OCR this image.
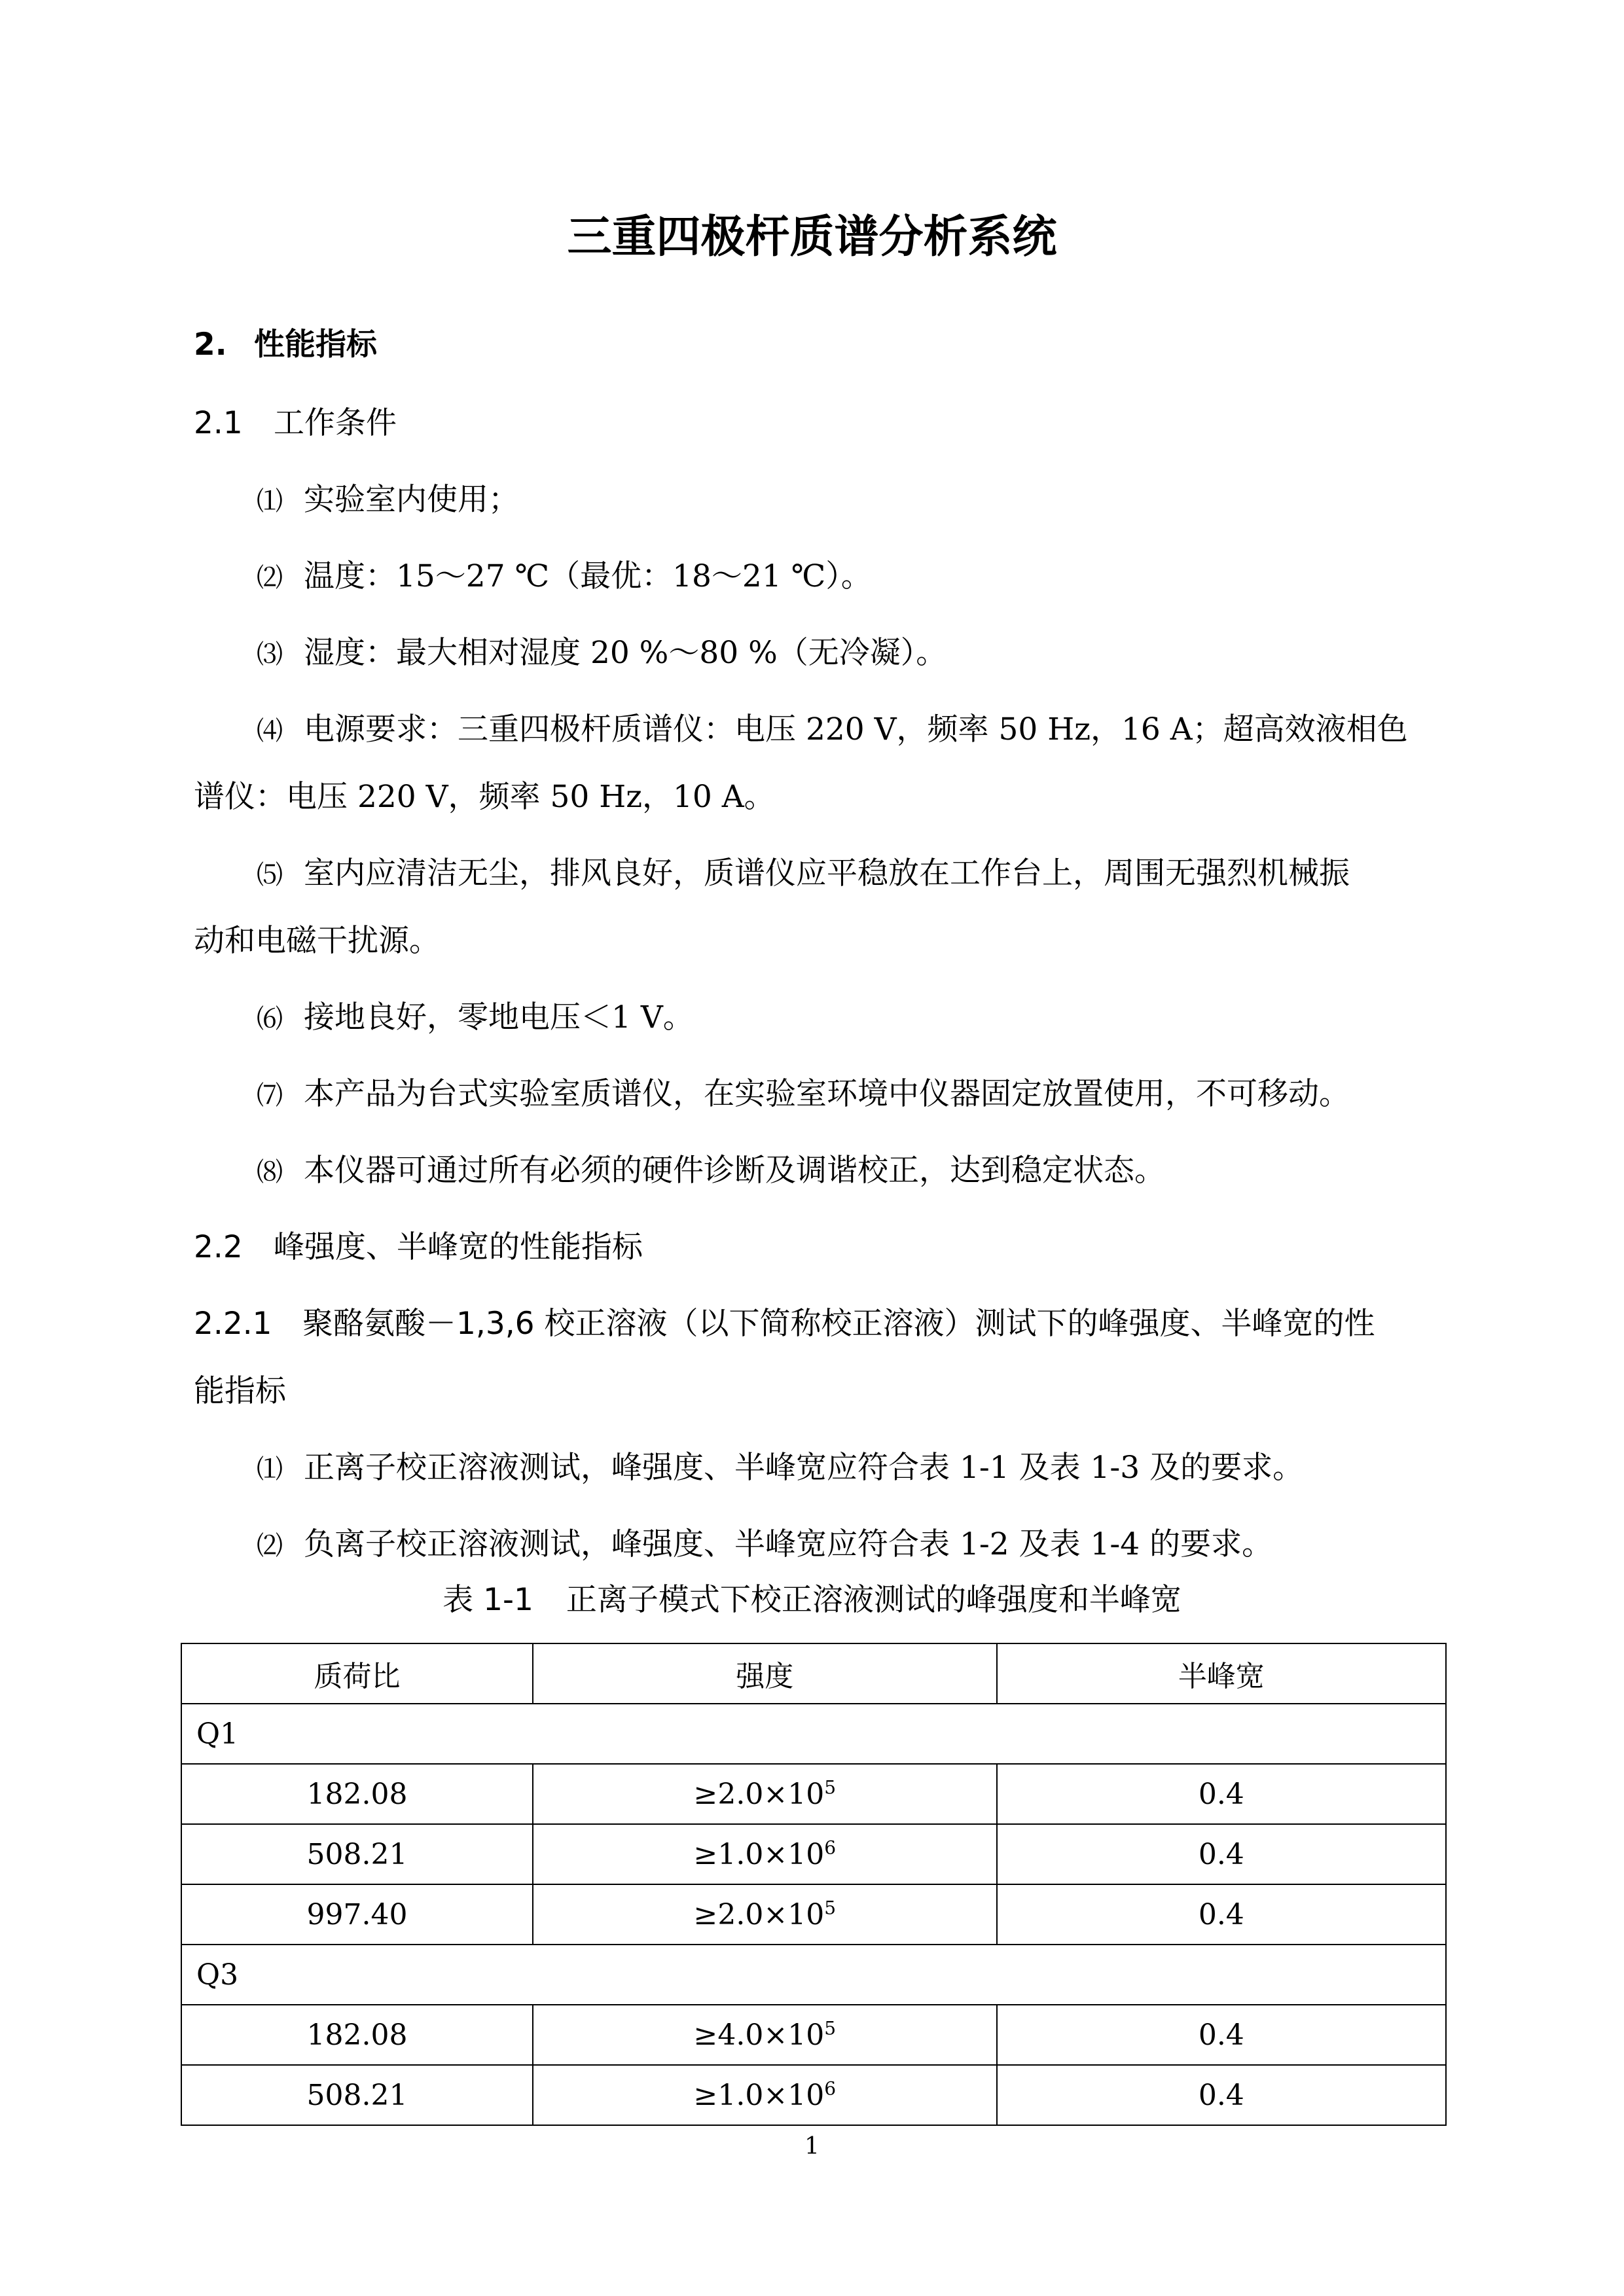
三重四极杆质谱分析系统
2. 性能指标
2.1 工作条件
⑴ 实验室内使用；
⑵ 温度：15～27 ℃（最优：18～21 ℃）。
⑶ 湿度：最大相对湿度 20 %～80 %（无冷凝）。
⑷ 电源要求：三重四极杆质谱仪：电压 220 V，频率 50 Hz，16 A；超高效液相色
谱仪：电压 220 V，频率 50 Hz，10 A。
⑸ 室内应清洁无尘，排风良好，质谱仪应平稳放在工作台上，周围无强烈机械振
动和电磁干扰源。
⑹ 接地良好，零地电压＜1 V。
⑺ 本产品为台式实验室质谱仪，在实验室环境中仪器固定放置使用，不可移动。
⑻ 本仪器可通过所有必须的硬件诊断及调谐校正，达到稳定状态。
2.2 峰强度、半峰宽的性能指标
2.2.1 聚酪氨酸－1,3,6 校正溶液（以下简称校正溶液）测试下的峰强度、半峰宽的性
能指标
⑴ 正离子校正溶液测试，峰强度、半峰宽应符合表 1-1 及表 1-3 及的要求。
⑵ 负离子校正溶液测试，峰强度、半峰宽应符合表 1-2 及表 1-4 的要求。
表 1-1 正离子模式下校正溶液测试的峰强度和半峰宽
质荷比	强度	半峰宽
Q1		
182.08	$\ge 2.0\times 10^5$	0.4
508.21	$\ge 1.0\times 10^6$	0.4
997.40	$\ge 2.0\times 10^5$	0.4
Q3		
182.08	$\ge 4.0\times 10^5$	0.4
508.21	$\ge 1.0\times 10^6$	0.4
1
